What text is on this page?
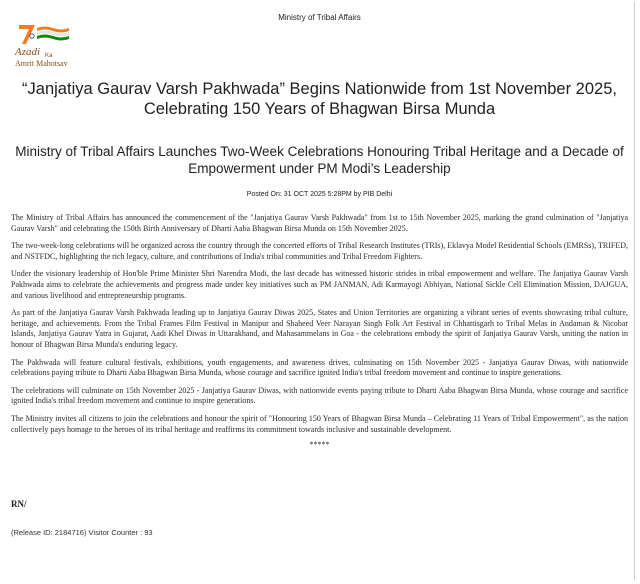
Ministry of Tribal Affairs
Azadi Ka
Amrit Mahotsav
“Janjatiya Gaurav Varsh Pakhwada” Begins Nationwide from 1st November 2025, Celebrating 150 Years of Bhagwan Birsa Munda
Ministry of Tribal Affairs Launches Two-Week Celebrations Honouring Tribal Heritage and a Decade of Empowerment under PM Modi’s Leadership
Posted On: 31 OCT 2025 5:28PM by PIB Delhi

The Ministry of Tribal Affairs has announced the commencement of the "Janjatiya Gaurav Varsh Pakhwada" from 1st to 15th November 2025, marking the grand culmination of "Janjatiya Gaurav Varsh" and celebrating the 150th Birth Anniversary of Dharti Aaba Bhagwan Birsa Munda on 15th November 2025.

The two-week-long celebrations will be organized across the country through the concerted efforts of Tribal Research Institutes (TRIs), Eklavya Model Residential Schools (EMRSs), TRIFED, and NSTFDC, highlighting the rich legacy, culture, and contributions of India's tribal communities and Tribal Freedom Fighters.

Under the visionary leadership of Hon'ble Prime Minister Shri Narendra Modi, the last decade has witnessed historic strides in tribal empowerment and welfare. The Janjatiya Gaurav Varsh Pakhwada aims to celebrate the achievements and progress made under key initiatives such as PM JANMAN, Adi Karmayogi Abhiyan, National Sickle Cell Elimination Mission, DAJGUA, and various livelihood and entrepreneurship programs.

As part of the Janjatiya Gaurav Varsh Pakhwada leading up to Janjatiya Gaurav Diwas 2025, States and Union Territories are organizing a vibrant series of events showcasing tribal culture, heritage, and achievements. From the Tribal Frames Film Festival in Manipur and Shaheed Veer Narayan Singh Folk Art Festival in Chhattisgarh to Tribal Melas in Andaman & Nicobar Islands, Janjatiya Gaurav Yatra in Gujarat, Aadi Khel Diwas in Uttarakhand, and Mahasammelans in Goa - the celebrations embody the spirit of Janjatiya Gaurav Varsh, uniting the nation in honour of Bhagwan Birsa Munda's enduring legacy.

The Pakhwada will feature cultural festivals, exhibitions, youth engagements, and awareness drives, culminating on 15th November 2025 - Janjatiya Gaurav Diwas, with nationwide celebrations paying tribute to Dharti Aaba Bhagwan Birsa Munda, whose courage and sacrifice ignited India's tribal freedom movement and continue to inspire generations.

The celebrations will culminate on 15th November 2025 - Janjatiya Gaurav Diwas, with nationwide events paying tribute to Dharti Aaba Bhagwan Birsa Munda, whose courage and sacrifice ignited India's tribal freedom movement and continue to inspire generations.

The Ministry invites all citizens to join the celebrations and honour the spirit of "Honouring 150 Years of Bhagwan Birsa Munda – Celebrating 11 Years of Tribal Empowerment", as the nation collectively pays homage to the heroes of its tribal heritage and reaffirms its commitment towards inclusive and sustainable development.

*****
RN/
(Release ID: 2184716) Visitor Counter : 93
